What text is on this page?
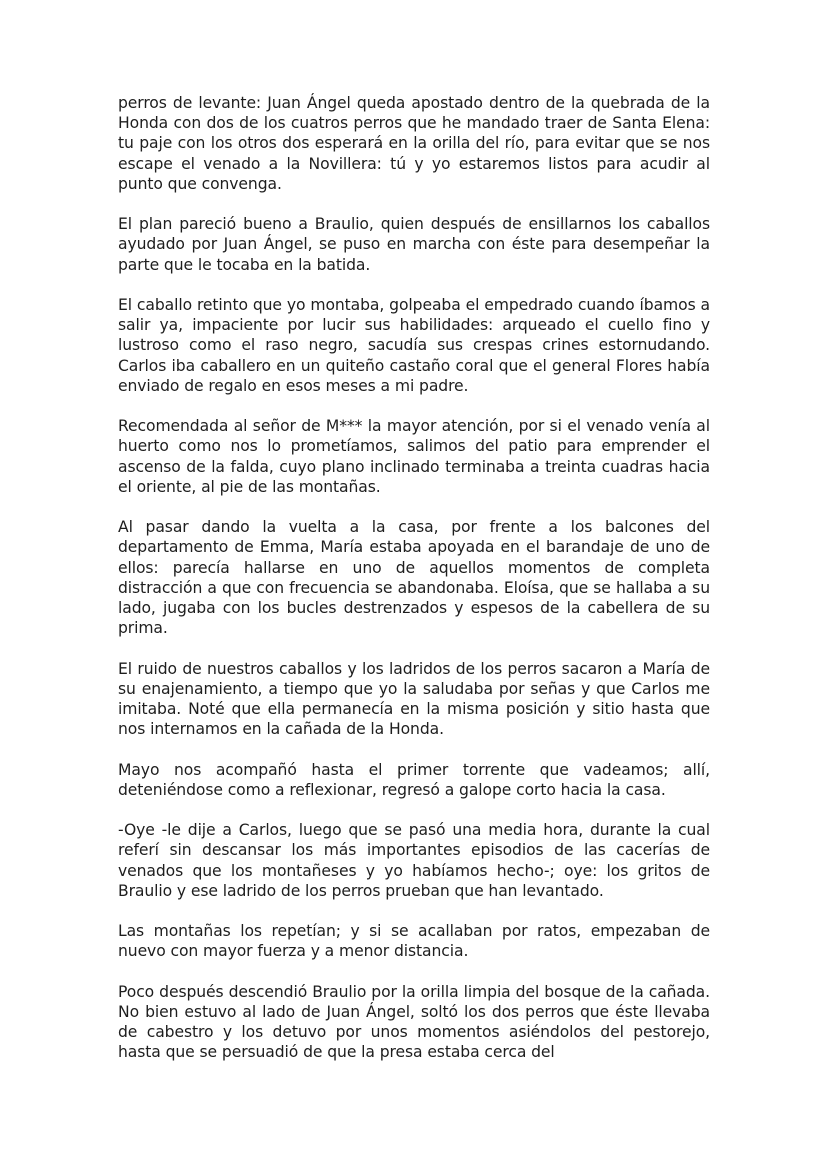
perros de levante: Juan Ángel queda apostado dentro de la quebrada de la Honda con dos de los cuatros perros que he mandado traer de Santa Elena: tu paje con los otros dos esperará en la orilla del río, para evitar que se nos escape el venado a la Novillera: tú y yo estaremos listos para acudir al punto que convenga.

El plan pareció bueno a Braulio, quien después de ensillarnos los caballos ayudado por Juan Ángel, se puso en marcha con éste para desempeñar la parte que le tocaba en la batida.

El caballo retinto que yo montaba, golpeaba el empedrado cuando íbamos a salir ya, impaciente por lucir sus habilidades: arqueado el cuello fino y lustroso como el raso negro, sacudía sus crespas crines estornudando. Carlos iba caballero en un quiteño castaño coral que el general Flores había enviado de regalo en esos meses a mi padre.

Recomendada al señor de M*** la mayor atención, por si el venado venía al huerto como nos lo prometíamos, salimos del patio para emprender el ascenso de la falda, cuyo plano inclinado terminaba a treinta cuadras hacia el oriente, al pie de las montañas.

Al pasar dando la vuelta a la casa, por frente a los balcones del departamento de Emma, María estaba apoyada en el barandaje de uno de ellos: parecía hallarse en uno de aquellos momentos de completa distracción a que con frecuencia se abandonaba. Eloísa, que se hallaba a su lado, jugaba con los bucles destrenzados y espesos de la cabellera de su prima.

El ruido de nuestros caballos y los ladridos de los perros sacaron a María de su enajenamiento, a tiempo que yo la saludaba por señas y que Carlos me imitaba. Noté que ella permanecía en la misma posición y sitio hasta que nos internamos en la cañada de la Honda.

Mayo nos acompañó hasta el primer torrente que vadeamos; allí, deteniéndose como a reflexionar, regresó a galope corto hacia la casa.

-Oye -le dije a Carlos, luego que se pasó una media hora, durante la cual referí sin descansar los más importantes episodios de las cacerías de venados que los montañeses y yo habíamos hecho-; oye: los gritos de Braulio y ese ladrido de los perros prueban que han levantado.

Las montañas los repetían; y si se acallaban por ratos, empezaban de nuevo con mayor fuerza y a menor distancia.

Poco después descendió Braulio por la orilla limpia del bosque de la cañada. No bien estuvo al lado de Juan Ángel, soltó los dos perros que éste llevaba de cabestro y los detuvo por unos momentos asiéndolos del pestorejo, hasta que se persuadió de que la presa estaba cerca del
